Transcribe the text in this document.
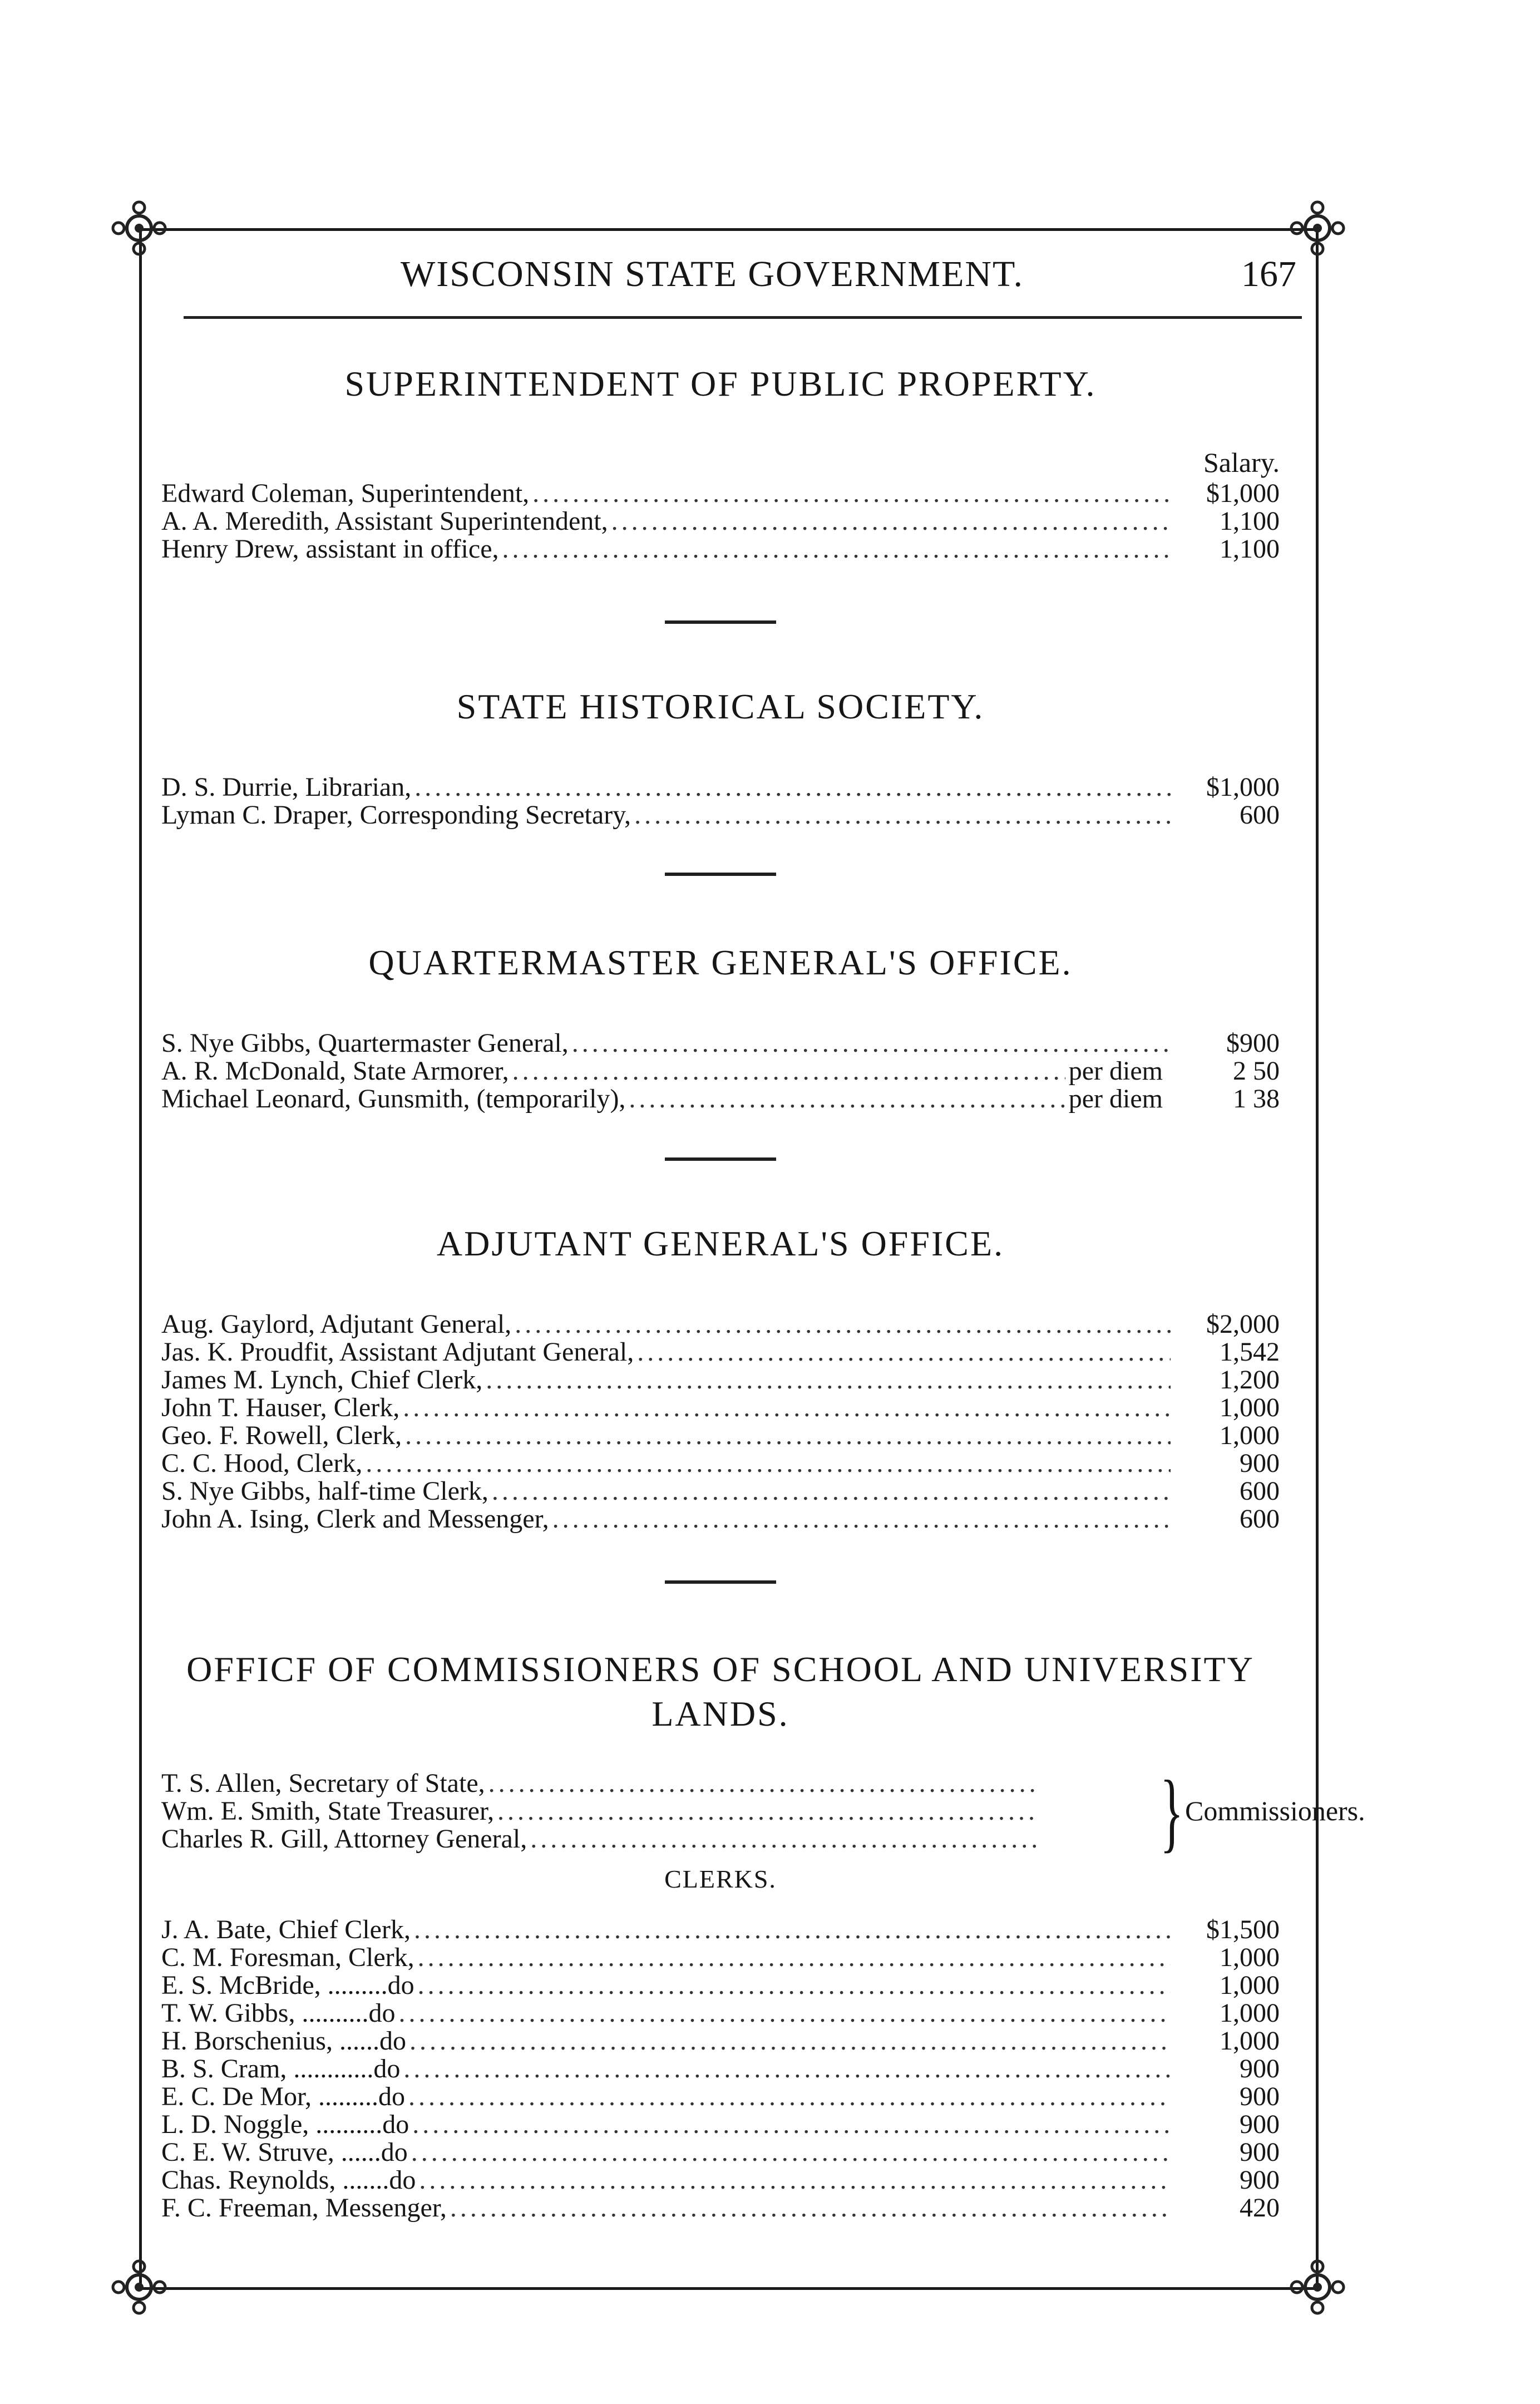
WISCONSIN STATE GOVERNMENT.	167
SUPERINTENDENT OF PUBLIC PROPERTY.
Salary.
Edward Coleman, Superintendent, .....	$1,000
A. A. Meredith, Assistant Superintendent, .....	1,100
Henry Drew, assistant in office, .....	1,100
STATE HISTORICAL SOCIETY.
D. S. Durrie, Librarian, .....	$1,000
Lyman C. Draper, Corresponding Secretary, .....	600
QUARTERMASTER GENERAL'S OFFICE.
S. Nye Gibbs, Quartermaster General, .....	$900
A. R. McDonald, State Armorer, .....	per diem	2 50
Michael Leonard, Gunsmith, (temporarily), .....	per diem	1 38
ADJUTANT GENERAL'S OFFICE.
Aug. Gaylord, Adjutant General, .....	$2,000
Jas. K. Proudfit, Assistant Adjutant General, .....	1,542
James M. Lynch, Chief Clerk, .....	1,200
John T. Hauser, Clerk, .....	1,000
Geo. F. Rowell, Clerk, .....	1,000
C. C. Hood, Clerk, .....	900
S. Nye Gibbs, half-time Clerk, .....	600
John A. Ising, Clerk and Messenger, .....	600
OFFICF OF COMMISSIONERS OF SCHOOL AND UNIVERSITY
LANDS.
T. S. Allen, Secretary of State,
.....
Wm. E. Smith, State Treasurer,
.....
Charles R. Gill, Attorney General, .....	} Commissioners.
CLERKS.
J. A. Bate, Chief Clerk, .....	$1,500
C. M. Foresman, Clerk, .....	1,000
E. S. McBride, .........do .....	1,000
T. W. Gibbs, ..........do .....	1,000
H. Borschenius, ......do .....	1,000
B. S. Cram, ............do .....	900
E. C. De Mor, .........do .....	900
L. D. Noggle, ..........do .....	900
C. E. W. Struve, ......do .....	900
Chas. Reynolds, .......do .....	900
F. C. Freeman, Messenger, .....	420
